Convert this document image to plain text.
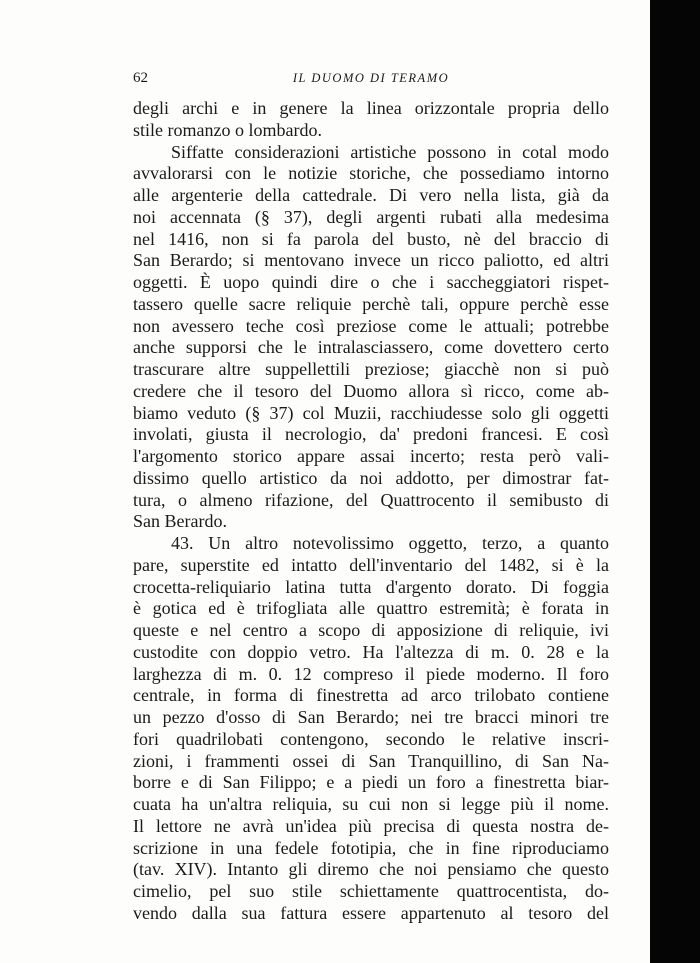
62	IL DUOMO DI TERAMO
degli archi e in genere la linea orizzontale propria dello
stile romanzo o lombardo.
Siffatte considerazioni artistiche possono in cotal modo
avvalorarsi con le notizie storiche, che possediamo intorno
alle argenterie della cattedrale. Di vero nella lista, già da
noi accennata (§ 37), degli argenti rubati alla medesima
nel 1416, non si fa parola del busto, nè del braccio di
San Berardo; si mentovano invece un ricco paliotto, ed altri
oggetti. È uopo quindi dire o che i saccheggiatori rispet-
tassero quelle sacre reliquie perchè tali, oppure perchè esse
non avessero teche così preziose come le attuali; potrebbe
anche supporsi che le intralasciassero, come dovettero certo
trascurare altre suppellettili preziose; giacchè non si può
credere che il tesoro del Duomo allora sì ricco, come ab-
biamo veduto (§ 37) col Muzii, racchiudesse solo gli oggetti
involati, giusta il necrologio, da' predoni francesi. E così
l'argomento storico appare assai incerto; resta però vali-
dissimo quello artistico da noi addotto, per dimostrar fat-
tura, o almeno rifazione, del Quattrocento il semibusto di
San Berardo.
43. Un altro notevolissimo oggetto, terzo, a quanto
pare, superstite ed intatto dell'inventario del 1482, si è la
crocetta-reliquiario latina tutta d'argento dorato. Di foggia
è gotica ed è trifogliata alle quattro estremità; è forata in
queste e nel centro a scopo di apposizione di reliquie, ivi
custodite con doppio vetro. Ha l'altezza di m. 0. 28 e la
larghezza di m. 0. 12 compreso il piede moderno. Il foro
centrale, in forma di finestretta ad arco trilobato contiene
un pezzo d'osso di San Berardo; nei tre bracci minori tre
fori quadrilobati contengono, secondo le relative inscri-
zioni, i frammenti ossei di San Tranquillino, di San Na-
borre e di San Filippo; e a piedi un foro a finestretta biar-
cuata ha un'altra reliquia, su cui non si legge più il nome.
Il lettore ne avrà un'idea più precisa di questa nostra de-
scrizione in una fedele fototipia, che in fine riproduciamo
(tav. XIV). Intanto gli diremo che noi pensiamo che questo
cimelio, pel suo stile schiettamente quattrocentista, do-
vendo dalla sua fattura essere appartenuto al tesoro del
